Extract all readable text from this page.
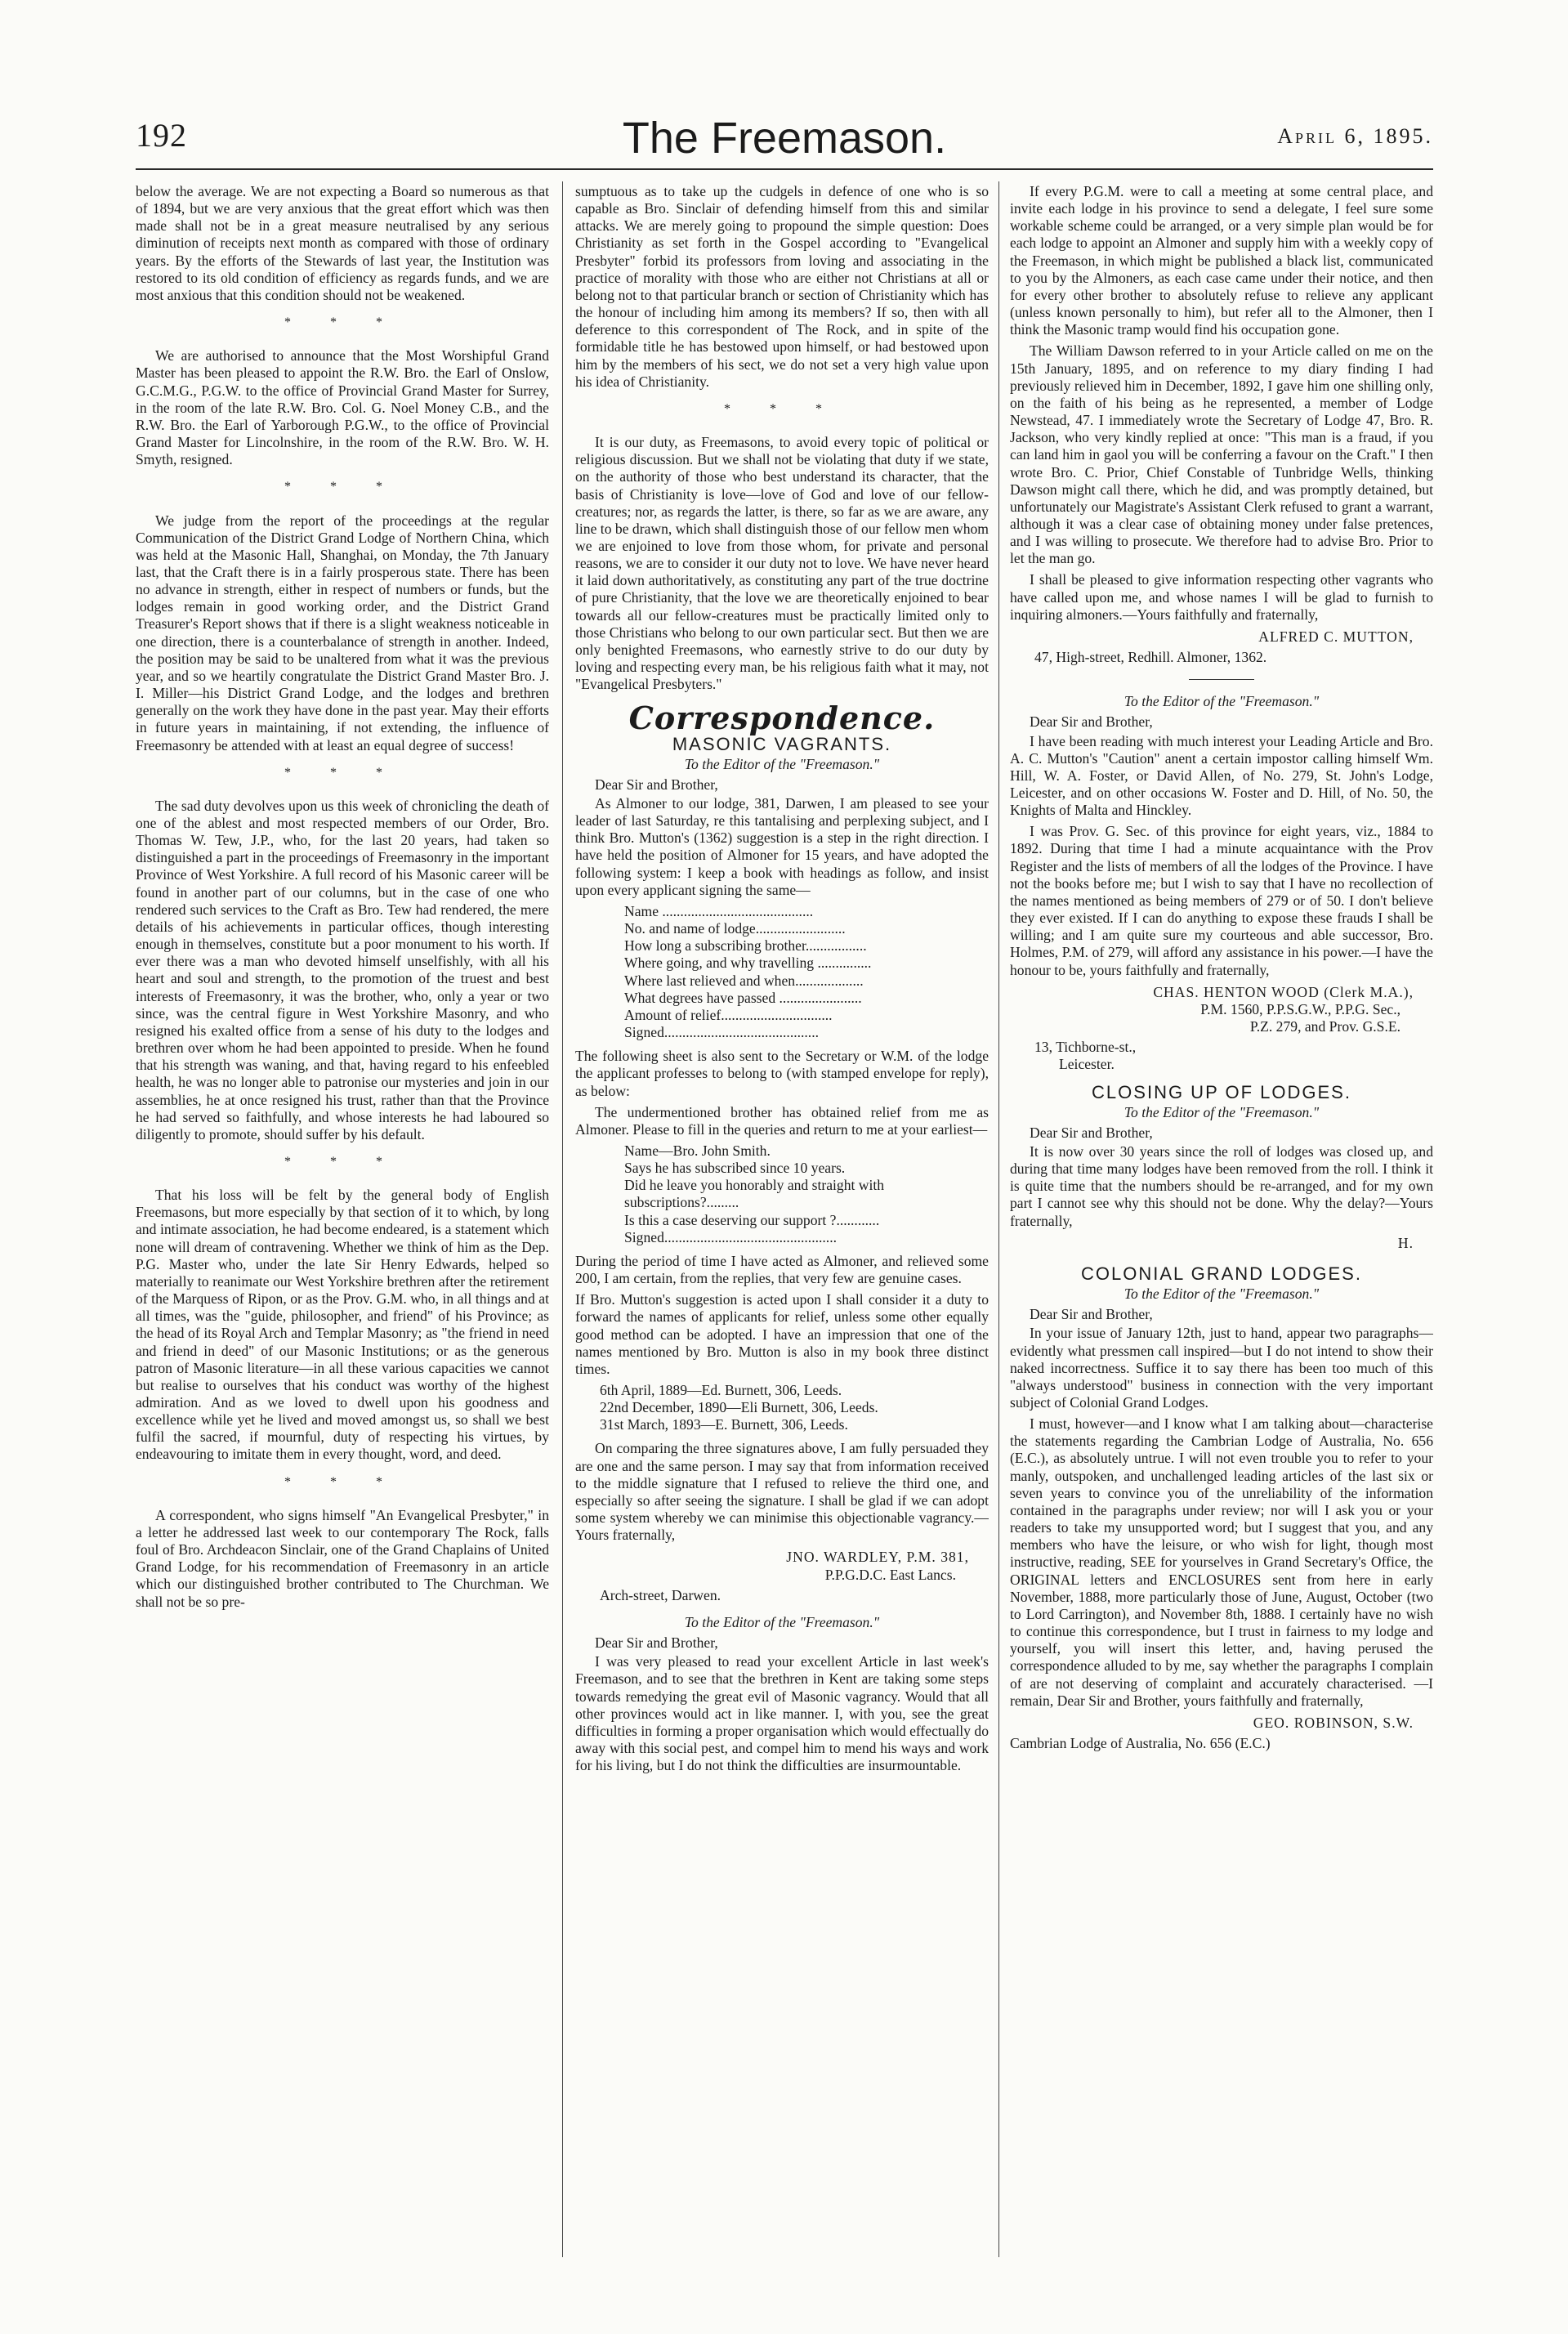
192	The Freemason.	April 6, 1895.

below the average. We are not expecting a Board so numerous as that of 1894, but we are very anxious that the great effort which was then made shall not be in a great measure neutralised by any serious diminution of receipts next month as compared with those of ordinary years. By the efforts of the Stewards of last year, the Institution was restored to its old condition of efficiency as regards funds, and we are most anxious that this condition should not be weakened.

* * *

We are authorised to announce that the Most Worshipful Grand Master has been pleased to appoint the R.W. Bro. the Earl of Onslow, G.C.M.G., P.G.W. to the office of Provincial Grand Master for Surrey, in the room of the late R.W. Bro. Col. G. Noel Money C.B., and the R.W. Bro. the Earl of Yarborough P.G.W., to the office of Provincial Grand Master for Lincolnshire, in the room of the R.W. Bro. W. H. Smyth, resigned.

* * *

We judge from the report of the proceedings at the regular Communication of the District Grand Lodge of Northern China, which was held at the Masonic Hall, Shanghai, on Monday, the 7th January last, that the Craft there is in a fairly prosperous state. There has been no advance in strength, either in respect of numbers or funds, but the lodges remain in good working order, and the District Grand Treasurer's Report shows that if there is a slight weakness noticeable in one direction, there is a counterbalance of strength in another. Indeed, the position may be said to be unaltered from what it was the previous year, and so we heartily congratulate the District Grand Master Bro. J. I. Miller—his District Grand Lodge, and the lodges and brethren generally on the work they have done in the past year. May their efforts in future years in maintaining, if not extending, the influence of Freemasonry be attended with at least an equal degree of success!

* * *

The sad duty devolves upon us this week of chronicling the death of one of the ablest and most respected members of our Order, Bro. Thomas W. Tew, J.P., who, for the last 20 years, had taken so distinguished a part in the proceedings of Freemasonry in the important Province of West Yorkshire. A full record of his Masonic career will be found in another part of our columns, but in the case of one who rendered such services to the Craft as Bro. Tew had rendered, the mere details of his achievements in particular offices, though interesting enough in themselves, constitute but a poor monument to his worth. If ever there was a man who devoted himself unselfishly, with all his heart and soul and strength, to the promotion of the truest and best interests of Freemasonry, it was the brother, who, only a year or two since, was the central figure in West Yorkshire Masonry, and who resigned his exalted office from a sense of his duty to the lodges and brethren over whom he had been appointed to preside. When he found that his strength was waning, and that, having regard to his enfeebled health, he was no longer able to patronise our mysteries and join in our assemblies, he at once resigned his trust, rather than that the Province he had served so faithfully, and whose interests he had laboured so diligently to promote, should suffer by his default.

* * *

That his loss will be felt by the general body of English Freemasons, but more especially by that section of it to which, by long and intimate association, he had become endeared, is a statement which none will dream of contravening. Whether we think of him as the Dep. P.G. Master who, under the late Sir Henry Edwards, helped so materially to reanimate our West Yorkshire brethren after the retirement of the Marquess of Ripon, or as the Prov. G.M. who, in all things and at all times, was the "guide, philosopher, and friend" of his Province; as the head of its Royal Arch and Templar Masonry; as "the friend in need and friend in deed" of our Masonic Institutions; or as the generous patron of Masonic literature—in all these various capacities we cannot but realise to ourselves that his conduct was worthy of the highest admiration. And as we loved to dwell upon his goodness and excellence while yet he lived and moved amongst us, so shall we best fulfil the sacred, if mournful, duty of respecting his virtues, by endeavouring to imitate them in every thought, word, and deed.

* * *

A correspondent, who signs himself "An Evangelical Presbyter," in a letter he addressed last week to our contemporary The Rock, falls foul of Bro. Archdeacon Sinclair, one of the Grand Chaplains of United Grand Lodge, for his recommendation of Freemasonry in an article which our distinguished brother contributed to The Churchman. We shall not be so pre-

sumptuous as to take up the cudgels in defence of one who is so capable as Bro. Sinclair of defending himself from this and similar attacks. We are merely going to propound the simple question: Does Christianity as set forth in the Gospel according to "Evangelical Presbyter" forbid its professors from loving and associating in the practice of morality with those who are either not Christians at all or belong not to that particular branch or section of Christianity which has the honour of including him among its members? If so, then with all deference to this correspondent of The Rock, and in spite of the formidable title he has bestowed upon himself, or had bestowed upon him by the members of his sect, we do not set a very high value upon his idea of Christianity.

* * *

It is our duty, as Freemasons, to avoid every topic of political or religious discussion. But we shall not be violating that duty if we state, on the authority of those who best understand its character, that the basis of Christianity is love—love of God and love of our fellow-creatures; nor, as regards the latter, is there, so far as we are aware, any line to be drawn, which shall distinguish those of our fellow men whom we are enjoined to love from those whom, for private and personal reasons, we are to consider it our duty not to love. We have never heard it laid down authoritatively, as constituting any part of the true doctrine of pure Christianity, that the love we are theoretically enjoined to bear towards all our fellow-creatures must be practically limited only to those Christians who belong to our own particular sect. But then we are only benighted Freemasons, who earnestly strive to do our duty by loving and respecting every man, be his religious faith what it may, not "Evangelical Presbyters."

Correspondence.
MASONIC VAGRANTS.
To the Editor of the "Freemason."
Dear Sir and Brother,

As Almoner to our lodge, 381, Darwen, I am pleased to see your leader of last Saturday, re this tantalising and perplexing subject, and I think Bro. Mutton's (1362) suggestion is a step in the right direction. I have held the position of Almoner for 15 years, and have adopted the following system: I keep a book with headings as follow, and insist upon every applicant signing the same—

Name ..........................................
No. and name of lodge.........................
How long a subscribing brother.................
Where going, and why travelling ...............
Where last relieved and when...................
What degrees have passed .......................
Amount of relief...............................
Signed...........................................

The following sheet is also sent to the Secretary or W.M. of the lodge the applicant professes to belong to (with stamped envelope for reply), as below:

The undermentioned brother has obtained relief from me as Almoner. Please to fill in the queries and return to me at your earliest—

Name—Bro. John Smith.
Says he has subscribed since 10 years.
Did he leave you honorably and straight with
subscriptions?.........
Is this a case deserving our support ?............
Signed................................................

During the period of time I have acted as Almoner, and relieved some 200, I am certain, from the replies, that very few are genuine cases.

If Bro. Mutton's suggestion is acted upon I shall consider it a duty to forward the names of applicants for relief, unless some other equally good method can be adopted. I have an impression that one of the names mentioned by Bro. Mutton is also in my book three distinct times.

6th April, 1889—Ed. Burnett, 306, Leeds.
22nd December, 1890—Eli Burnett, 306, Leeds.
31st March, 1893—E. Burnett, 306, Leeds.

On comparing the three signatures above, I am fully persuaded they are one and the same person. I may say that from information received to the middle signature that I refused to relieve the third one, and especially so after seeing the signature. I shall be glad if we can adopt some system whereby we can minimise this objectionable vagrancy.—Yours fraternally,

JNO. WARDLEY, P.M. 381,
P.P.G.D.C. East Lancs.
Arch-street, Darwen.
To the Editor of the "Freemason."
Dear Sir and Brother,

I was very pleased to read your excellent Article in last week's Freemason, and to see that the brethren in Kent are taking some steps towards remedying the great evil of Masonic vagrancy. Would that all other provinces would act in like manner. I, with you, see the great difficulties in forming a proper organisation which would effectually do away with this social pest, and compel him to mend his ways and work for his living, but I do not think the difficulties are insurmountable.

If every P.G.M. were to call a meeting at some central place, and invite each lodge in his province to send a delegate, I feel sure some workable scheme could be arranged, or a very simple plan would be for each lodge to appoint an Almoner and supply him with a weekly copy of the Freemason, in which might be published a black list, communicated to you by the Almoners, as each case came under their notice, and then for every other brother to absolutely refuse to relieve any applicant (unless known personally to him), but refer all to the Almoner, then I think the Masonic tramp would find his occupation gone.

The William Dawson referred to in your Article called on me on the 15th January, 1895, and on reference to my diary finding I had previously relieved him in December, 1892, I gave him one shilling only, on the faith of his being as he represented, a member of Lodge Newstead, 47. I immediately wrote the Secretary of Lodge 47, Bro. R. Jackson, who very kindly replied at once: "This man is a fraud, if you can land him in gaol you will be conferring a favour on the Craft." I then wrote Bro. C. Prior, Chief Constable of Tunbridge Wells, thinking Dawson might call there, which he did, and was promptly detained, but unfortunately our Magistrate's Assistant Clerk refused to grant a warrant, although it was a clear case of obtaining money under false pretences, and I was willing to prosecute. We therefore had to advise Bro. Prior to let the man go.

I shall be pleased to give information respecting other vagrants who have called upon me, and whose names I will be glad to furnish to inquiring almoners.—Yours faithfully and fraternally,

ALFRED C. MUTTON,
47, High-street, Redhill. Almoner, 1362.
To the Editor of the "Freemason."
Dear Sir and Brother,

I have been reading with much interest your Leading Article and Bro. A. C. Mutton's "Caution" anent a certain impostor calling himself Wm. Hill, W. A. Foster, or David Allen, of No. 279, St. John's Lodge, Leicester, and on other occasions W. Foster and D. Hill, of No. 50, the Knights of Malta and Hinckley.

I was Prov. G. Sec. of this province for eight years, viz., 1884 to 1892. During that time I had a minute acquaintance with the Prov Register and the lists of members of all the lodges of the Province. I have not the books before me; but I wish to say that I have no recollection of the names mentioned as being members of 279 or of 50. I don't believe they ever existed. If I can do anything to expose these frauds I shall be willing; and I am quite sure my courteous and able successor, Bro. Holmes, P.M. of 279, will afford any assistance in his power.—I have the honour to be, yours faithfully and fraternally,

CHAS. HENTON WOOD (Clerk M.A.),
P.M. 1560, P.P.S.G.W., P.P.G. Sec.,
P.Z. 279, and Prov. G.S.E.
13, Tichborne-st.,
Leicester.
CLOSING UP OF LODGES.
To the Editor of the "Freemason."
Dear Sir and Brother,

It is now over 30 years since the roll of lodges was closed up, and during that time many lodges have been removed from the roll. I think it is quite time that the numbers should be re-arranged, and for my own part I cannot see why this should not be done. Why the delay?—Yours fraternally,

H.
COLONIAL GRAND LODGES.
To the Editor of the "Freemason."
Dear Sir and Brother,

In your issue of January 12th, just to hand, appear two paragraphs—evidently what pressmen call inspired—but I do not intend to show their naked incorrectness. Suffice it to say there has been too much of this "always understood" business in connection with the very important subject of Colonial Grand Lodges.

I must, however—and I know what I am talking about—characterise the statements regarding the Cambrian Lodge of Australia, No. 656 (E.C.), as absolutely untrue. I will not even trouble you to refer to your manly, outspoken, and unchallenged leading articles of the last six or seven years to convince you of the unreliability of the information contained in the paragraphs under review; nor will I ask you or your readers to take my unsupported word; but I suggest that you, and any members who have the leisure, or who wish for light, though most instructive, reading, SEE for yourselves in Grand Secretary's Office, the ORIGINAL letters and ENCLOSURES sent from here in early November, 1888, more particularly those of June, August, October (two to Lord Carrington), and November 8th, 1888. I certainly have no wish to continue this correspondence, but I trust in fairness to my lodge and yourself, you will insert this letter, and, having perused the correspondence alluded to by me, say whether the paragraphs I complain of are not deserving of complaint and accurately characterised. —I remain, Dear Sir and Brother, yours faithfully and fraternally,

GEO. ROBINSON, S.W.
Cambrian Lodge of Australia, No. 656 (E.C.)
